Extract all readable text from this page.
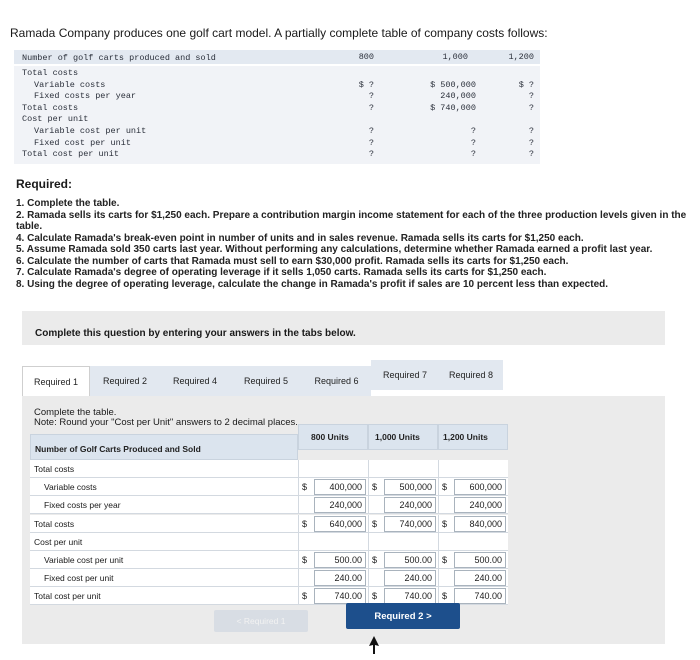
Ramada Company produces one golf cart model. A partially complete table of company costs follows:
Number of golf carts produced and sold	800	1,000	1,200
Total costs
Variable costs	$ ?	$ 500,000	$ ?
Fixed costs per year	?	240,000	?
Total costs	?	$ 740,000	?
Cost per unit
Variable cost per unit	?	?	?
Fixed cost per unit	?	?	?
Total cost per unit	?	?	?
Required:
1. Complete the table.
2. Ramada sells its carts for $1,250 each. Prepare a contribution margin income statement for each of the three production levels given in the table.
4. Calculate Ramada's break-even point in number of units and in sales revenue. Ramada sells its carts for $1,250 each.
5. Assume Ramada sold 350 carts last year. Without performing any calculations, determine whether Ramada earned a profit last year.
6. Calculate the number of carts that Ramada must sell to earn $30,000 profit. Ramada sells its carts for $1,250 each.
7. Calculate Ramada's degree of operating leverage if it sells 1,050 carts. Ramada sells its carts for $1,250 each.
8. Using the degree of operating leverage, calculate the change in Ramada's profit if sales are 10 percent less than expected.
Complete this question by entering your answers in the tabs below.
Required 1	Required 2	Required 4	Required 5	Required 6
Required 7	Required 8
Complete the table.
Note: Round your "Cost per Unit" answers to 2 decimal places.
Number of Golf Carts Produced and Sold
800 Units	1,000 Units	1,200 Units
Total costs
Variable costs	$	400,000	$	500,000	$	600,000
Fixed costs per year	240,000	240,000	240,000
Total costs	$	640,000	$	740,000	$	840,000
Cost per unit
Variable cost per unit	$	500.00	$	500.00	$	500.00
Fixed cost per unit	240.00	240.00	240.00
Total cost per unit	$	740.00	$	740.00	$	740.00
< Required 1	Required 2 >
